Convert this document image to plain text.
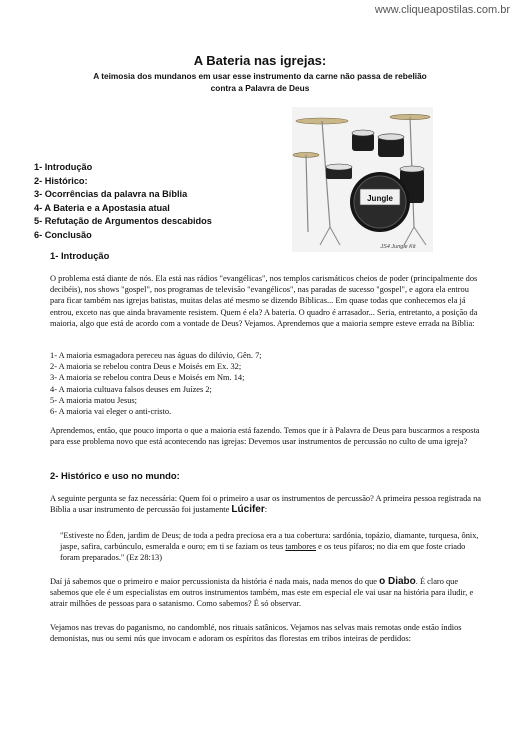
www.cliqueapostilas.com.br
A Bateria nas igrejas:
A teimosia dos mundanos em usar esse instrumento da carne não passa de rebelião
contra a Palavra de Deus
Jungle
JS4 Jungle Kit
1- Introdução
2- Histórico:
3- Ocorrências da palavra na Bíblia
4- A Bateria e a Apostasia atual
5- Refutação de Argumentos descabidos
6- Conclusão
1- Introdução

O problema está diante de nós. Ela está nas rádios "evangélicas", nos templos carismáticos cheios de poder (principalmente dos decibéis), nos shows "gospel", nos programas de televisão "evangélicos", nas paradas de sucesso "gospel", e agora ela entrou para ficar também nas igrejas batistas, muitas delas até mesmo se dizendo Bíblicas... Em quase todas que conhecemos ela já entrou, exceto nas que ainda bravamente resistem. Quem é ela? A bateria. O quadro é arrasador... Seria, entretanto, a posição da maioria, algo que está de acordo com a vontade de Deus? Vejamos. Aprendemos que a maioria sempre esteve errada na Bíblia:

1- A maioria esmagadora pereceu nas águas do dilúvio, Gên. 7;
2- A maioria se rebelou contra Deus e Moisés em Ex. 32;
3- A maioria se rebelou contra Deus e Moisés em Nm. 14;
4- A maioria cultuava falsos deuses em Juízes 2;
5- A maioria matou Jesus;
6- A maioria vai eleger o anti-cristo.

Aprendemos, então, que pouco importa o que a maioria está fazendo. Temos que ir à Palavra de Deus para buscarmos a resposta para esse problema novo que está acontecendo nas igrejas: Devemos usar instrumentos de percussão no culto de uma igreja?

2- Histórico e uso no mundo:

A seguinte pergunta se faz necessária: Quem foi o primeiro a usar os instrumentos de percussão? A primeira pessoa registrada na Bíblia a usar instrumento de percussão foi justamente Lúcifer:

"Estiveste no Éden, jardim de Deus; de toda a pedra preciosa era a tua cobertura: sardónia, topázio, diamante, turquesa, ônix, jaspe, safira, carbúnculo, esmeralda e ouro; em ti se faziam os teus tambores e os teus pífaros; no dia em que foste criado foram preparados." (Ez 28:13)

Daí já sabemos que o primeiro e maior percussionista da história é nada mais, nada menos do que o Diabo. É claro que sabemos que ele é um especialistas em outros instrumentos também, mas este em especial ele vai usar na história para iludir, e atrair milhões de pessoas para o satanismo. Como sabemos? É só observar.

Vejamos nas trevas do paganismo, no candomblé, nos rituais satânicos. Vejamos nas selvas mais remotas onde estão índios demonistas, nus ou semi nús que invocam e adoram os espíritos das florestas em tribos inteiras de perdidos:
